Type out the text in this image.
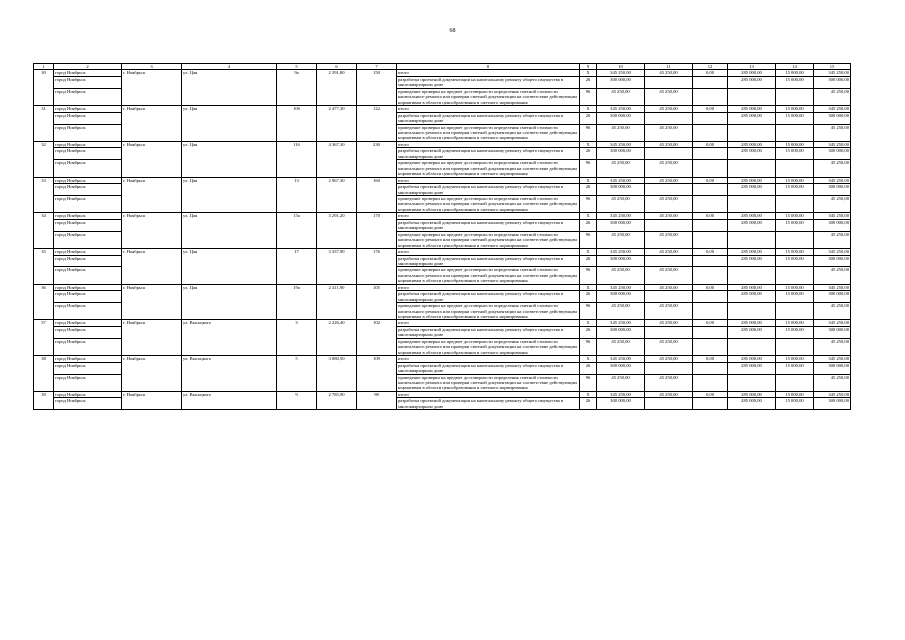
68
1	2	3	4	5	6	7	8	9	10	11	12	13	14	15
30	город Ноябрьск	г. Ноябрьск	ул. Цая	9а	2 391,80	150	итого	Х	345 250,00	45 250,00	0,00	285 000,00	15 000,00	345 250,00
	город Ноябрьск						разработка проектной документации на капитальному ремонту общего имущества в многоквартирном доме	26	300 000,00			285 000,00	15 000,00	300 000,00
	город Ноябрьск						проведение проверки на предмет достоверности определения сметной стоимости капитального ремонта или проверки сметной документации на соответствие действующим нормативам в области ценообразования и сметного нормирования	96	45 250,00	45 250,00				45 250,00
31	город Ноябрьск	г. Ноябрьск	ул. Цая	10б	2 477,30	122	итого	Х	345 250,00	45 250,00	0,00	285 000,00	15 000,00	345 250,00
	город Ноябрьск						разработка проектной документации на капитальному ремонту общего имущества в многоквартирном доме	26	300 000,00			285 000,00	15 000,00	300 000,00
	город Ноябрьск						проведение проверки на предмет достоверности определения сметной стоимости капитального ремонта или проверки сметной документации на соответствие действующим нормативам в области ценообразования и сметного нормирования	96	45 250,00	45 250,00				45 250,00
32	город Ноябрьск	г. Ноябрьск	ул. Цая	11б	4 367,30	230	итого	Х	345 250,00	45 250,00	0,00	285 000,00	15 000,00	345 250,00
	город Ноябрьск						разработка проектной документации на капитальному ремонту общего имущества в многоквартирном доме	26	300 000,00			285 000,00	15 000,00	300 000,00
	город Ноябрьск						проведение проверки на предмет достоверности определения сметной стоимости капитального ремонта или проверки сметной документации на соответствие действующим нормативам в области ценообразования и сметного нормирования	96	45 250,00	45 250,00				45 250,00
33	город Ноябрьск	г. Ноябрьск	ул. Цая	13	2 967,30	160	итого	Х	345 250,00	45 250,00	0,00	285 000,00	15 000,00	345 250,00
	город Ноябрьск						разработка проектной документации на капитальному ремонту общего имущества в многоквартирном доме	26	300 000,00			285 000,00	15 000,00	300 000,00
	город Ноябрьск						проведение проверки на предмет достоверности определения сметной стоимости капитального ремонта или проверки сметной документации на соответствие действующим нормативам в области ценообразования и сметного нормирования	96	45 250,00	45 250,00				45 250,00
34	город Ноябрьск	г. Ноябрьск	ул. Цая	15а	3 291,20	170	итого	Х	345 250,00	45 250,00	0,00	285 000,00	15 000,00	345 250,00
	город Ноябрьск						разработка проектной документации на капитальному ремонту общего имущества в многоквартирном доме	26	300 000,00			285 000,00	15 000,00	300 000,00
	город Ноябрьск						проведение проверки на предмет достоверности определения сметной стоимости капитального ремонта или проверки сметной документации на соответствие действующим нормативам в области ценообразования и сметного нормирования	96	45 250,00	45 250,00				45 250,00
35	город Ноябрьск	г. Ноябрьск	ул. Цая	17	3 337,90	176	итого	Х	345 250,00	45 250,00	0,00	285 000,00	15 000,00	345 250,00
	город Ноябрьск						разработка проектной документации на капитальному ремонту общего имущества в многоквартирном доме	26	300 000,00			285 000,00	15 000,00	300 000,00
	город Ноябрьск						проведение проверки на предмет достоверности определения сметной стоимости капитального ремонта или проверки сметной документации на соответствие действующим нормативам в области ценообразования и сметного нормирования	96	45 250,00	45 250,00				45 250,00
36	город Ноябрьск	г. Ноябрьск	ул. Цая	19а	2 411,90	105	итого	Х	345 250,00	45 250,00	0,00	285 000,00	15 000,00	345 250,00
	город Ноябрьск						разработка проектной документации на капитальному ремонту общего имущества в многоквартирном доме	26	300 000,00			285 000,00	15 000,00	300 000,00
	город Ноябрьск						проведение проверки на предмет достоверности определения сметной стоимости капитального ремонта или проверки сметной документации на соответствие действующим нормативам в области ценообразования и сметного нормирования	96	45 250,00	45 250,00				45 250,00
37	город Ноябрьск	г. Ноябрьск	ул. Высоцкого	3	2 226,40	102	итого	Х	345 250,00	45 250,00	0,00	285 000,00	15 000,00	345 250,00
	город Ноябрьск						разработка проектной документации на капитальному ремонту общего имущества в многоквартирном доме	26	300 000,00			285 000,00	15 000,00	300 000,00
	город Ноябрьск						проведение проверки на предмет достоверности определения сметной стоимости капитального ремонта или проверки сметной документации на соответствие действующим нормативам в области ценообразования и сметного нормирования	96	45 250,00	45 250,00				45 250,00
38	город Ноябрьск	г. Ноябрьск	ул. Высоцкого	5	3 080,50	109	итого	Х	345 250,00	45 250,00	0,00	285 000,00	15 000,00	345 250,00
	город Ноябрьск						разработка проектной документации на капитальному ремонту общего имущества в многоквартирном доме	26	300 000,00			285 000,00	15 000,00	300 000,00
	город Ноябрьск						проведение проверки на предмет достоверности определения сметной стоимости капитального ремонта или проверки сметной документации на соответствие действующим нормативам в области ценообразования и сметного нормирования	96	45 250,00	45 250,00				45 250,00
39	город Ноябрьск	г. Ноябрьск	ул. Высоцкого	9	2 785,90	98	итого	Х	345 250,00	45 250,00	0,00	285 000,00	15 000,00	345 250,00
	город Ноябрьск						разработка проектной документации на капитальному ремонту общего имущества в многоквартирном доме	26	300 000,00			285 000,00	15 000,00	300 000,00
